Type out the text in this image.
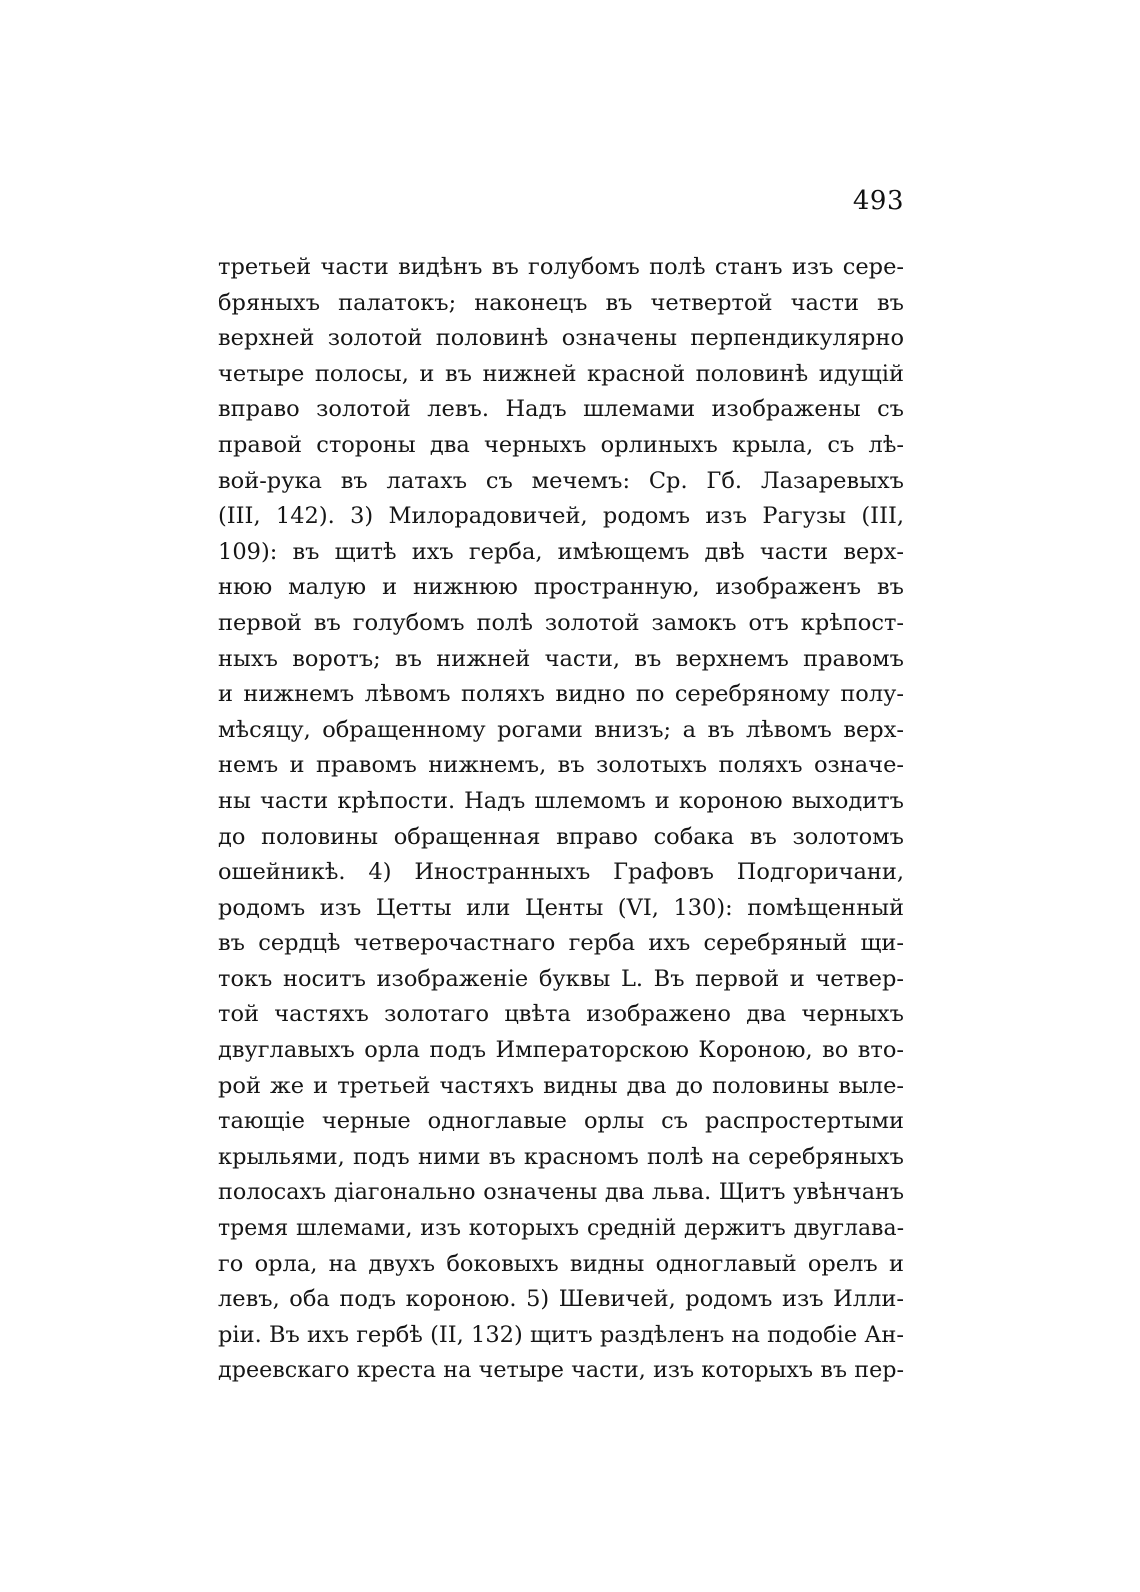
493
третьей части видѣнъ въ голубомъ полѣ станъ изъ сере-
бряныхъ палатокъ; наконецъ въ четвертой части въ
верхней золотой половинѣ означены перпендикулярно
четыре полосы, и въ нижней красной половинѣ идущій
вправо золотой левъ. Надъ шлемами изображены съ
правой стороны два черныхъ орлиныхъ крыла, съ лѣ-
вой-рука въ латахъ съ мечемъ: Ср. Гб. Лазаревыхъ
(III, 142). 3) Милорадовичей, родомъ изъ Рагузы (III,
109): въ щитѣ ихъ герба, имѣющемъ двѣ части верх-
нюю малую и нижнюю пространную, изображенъ въ
первой въ голубомъ полѣ золотой замокъ отъ крѣпост-
ныхъ воротъ; въ нижней части, въ верхнемъ правомъ
и нижнемъ лѣвомъ поляхъ видно по серебряному полу-
мѣсяцу, обращенному рогами внизъ; а въ лѣвомъ верх-
немъ и правомъ нижнемъ, въ золотыхъ поляхъ означе-
ны части крѣпости. Надъ шлемомъ и короною выходитъ
до половины обращенная вправо собака въ золотомъ
ошейникѣ. 4) Иностранныхъ Графовъ Подгоричани,
родомъ изъ Цетты или Центы (VI, 130): помѣщенный
въ сердцѣ четверочастнаго герба ихъ серебряный щи-
токъ носитъ изображеніе буквы L. Въ первой и четвер-
той частяхъ золотаго цвѣта изображено два черныхъ
двуглавыхъ орла подъ Императорскою Короною, во вто-
рой же и третьей частяхъ видны два до половины выле-
тающіе черные одноглавые орлы съ распростертыми
крыльями, подъ ними въ красномъ полѣ на серебряныхъ
полосахъ діагонально означены два льва. Щитъ увѣнчанъ
тремя шлемами, изъ которыхъ средній держитъ двуглава-
го орла, на двухъ боковыхъ видны одноглавый орелъ и
левъ, оба подъ короною. 5) Шевичей, родомъ изъ Илли-
ріи. Въ ихъ гербѣ (II, 132) щитъ раздѣленъ на подобіе Ан-
дреевскаго креста на четыре части, изъ которыхъ въ пер-
